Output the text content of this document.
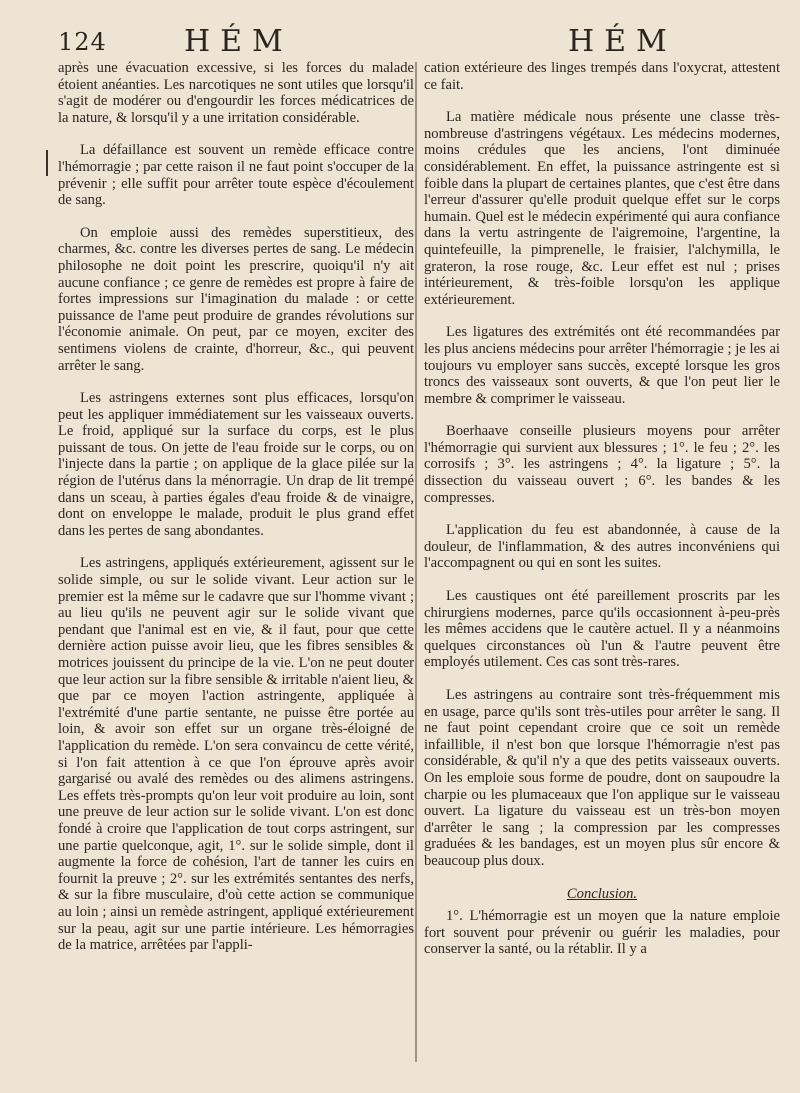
124	HÉM	HÉM

après une évacuation excessive, si les forces du malade étoient anéanties. Les narcotiques ne sont utiles que lorsqu'il s'agit de modérer ou d'engourdir les forces médicatrices de la nature, & lorsqu'il y a une irritation considérable.

La défaillance est souvent un remède efficace contre l'hémorragie ; par cette raison il ne faut point s'occuper de la prévenir ; elle suffit pour arrêter toute espèce d'écoulement de sang.

On emploie aussi des remèdes superstitieux, des charmes, &c. contre les diverses pertes de sang. Le médecin philosophe ne doit point les prescrire, quoiqu'il n'y ait aucune confiance ; ce genre de remèdes est propre à faire de fortes impressions sur l'imagination du malade : or cette puissance de l'ame peut produire de grandes révolutions sur l'économie animale. On peut, par ce moyen, exciter des sentimens violens de crainte, d'horreur, &c., qui peuvent arrêter le sang.

Les astringens externes sont plus efficaces, lorsqu'on peut les appliquer immédiatement sur les vaisseaux ouverts. Le froid, appliqué sur la surface du corps, est le plus puissant de tous. On jette de l'eau froide sur le corps, ou on l'injecte dans la partie ; on applique de la glace pilée sur la région de l'utérus dans la ménorragie. Un drap de lit trempé dans un sceau, à parties égales d'eau froide & de vinaigre, dont on enveloppe le malade, produit le plus grand effet dans les pertes de sang abondantes.

Les astringens, appliqués extérieurement, agissent sur le solide simple, ou sur le solide vivant. Leur action sur le premier est la même sur le cadavre que sur l'homme vivant ; au lieu qu'ils ne peuvent agir sur le solide vivant que pendant que l'animal est en vie, & il faut, pour que cette dernière action puisse avoir lieu, que les fibres sensibles & motrices jouissent du principe de la vie. L'on ne peut douter que leur action sur la fibre sensible & irritable n'aient lieu, & que par ce moyen l'action astringente, appliquée à l'extrémité d'une partie sentante, ne puisse être portée au loin, & avoir son effet sur un organe très-éloigné de l'application du remède. L'on sera convaincu de cette vérité, si l'on fait attention à ce que l'on éprouve après avoir gargarisé ou avalé des remèdes ou des alimens astringens. Les effets très-prompts qu'on leur voit produire au loin, sont une preuve de leur action sur le solide vivant. L'on est donc fondé à croire que l'application de tout corps astringent, sur une partie quelconque, agit, 1°. sur le solide simple, dont il augmente la force de cohésion, l'art de tanner les cuirs en fournit la preuve ; 2°. sur les extrémités sentantes des nerfs, & sur la fibre musculaire, d'où cette action se communique au loin ; ainsi un remède astringent, appliqué extérieurement sur la peau, agit sur une partie intérieure. Les hémorragies de la matrice, arrêtées par l'appli-

cation extérieure des linges trempés dans l'oxycrat, attestent ce fait.

La matière médicale nous présente une classe très-nombreuse d'astringens végétaux. Les médecins modernes, moins crédules que les anciens, l'ont diminuée considérablement. En effet, la puissance astringente est si foible dans la plupart de certaines plantes, que c'est être dans l'erreur d'assurer qu'elle produit quelque effet sur le corps humain. Quel est le médecin expérimenté qui aura confiance dans la vertu astringente de l'aigremoine, l'argentine, la quintefeuille, la pimprenelle, le fraisier, l'alchymilla, le grateron, la rose rouge, &c. Leur effet est nul ; prises intérieurement, & très-foible lorsqu'on les applique extérieurement.

Les ligatures des extrémités ont été recommandées par les plus anciens médecins pour arrêter l'hémorragie ; je les ai toujours vu employer sans succès, excepté lorsque les gros troncs des vaisseaux sont ouverts, & que l'on peut lier le membre & comprimer le vaisseau.

Boerhaave conseille plusieurs moyens pour arrêter l'hémorragie qui survient aux blessures ; 1°. le feu ; 2°. les corrosifs ; 3°. les astringens ; 4°. la ligature ; 5°. la dissection du vaisseau ouvert ; 6°. les bandes & les compresses.

L'application du feu est abandonnée, à cause de la douleur, de l'inflammation, & des autres inconvéniens qui l'accompagnent ou qui en sont les suites.

Les caustiques ont été pareillement proscrits par les chirurgiens modernes, parce qu'ils occasionnent à-peu-près les mêmes accidens que le cautère actuel. Il y a néanmoins quelques circonstances où l'un & l'autre peuvent être employés utilement. Ces cas sont très-rares.

Les astringens au contraire sont très-fréquemment mis en usage, parce qu'ils sont très-utiles pour arrêter le sang. Il ne faut point cependant croire que ce soit un remède infaillible, il n'est bon que lorsque l'hémorragie n'est pas considérable, & qu'il n'y a que des petits vaisseaux ouverts. On les emploie sous forme de poudre, dont on saupoudre la charpie ou les plumaceaux que l'on applique sur le vaisseau ouvert. La ligature du vaisseau est un très-bon moyen d'arrêter le sang ; la compression par les compresses graduées & les bandages, est un moyen plus sûr encore & beaucoup plus doux.

Conclusion.

1°. L'hémorragie est un moyen que la nature emploie fort souvent pour prévenir ou guérir les maladies, pour conserver la santé, ou la rétablir. Il y a
